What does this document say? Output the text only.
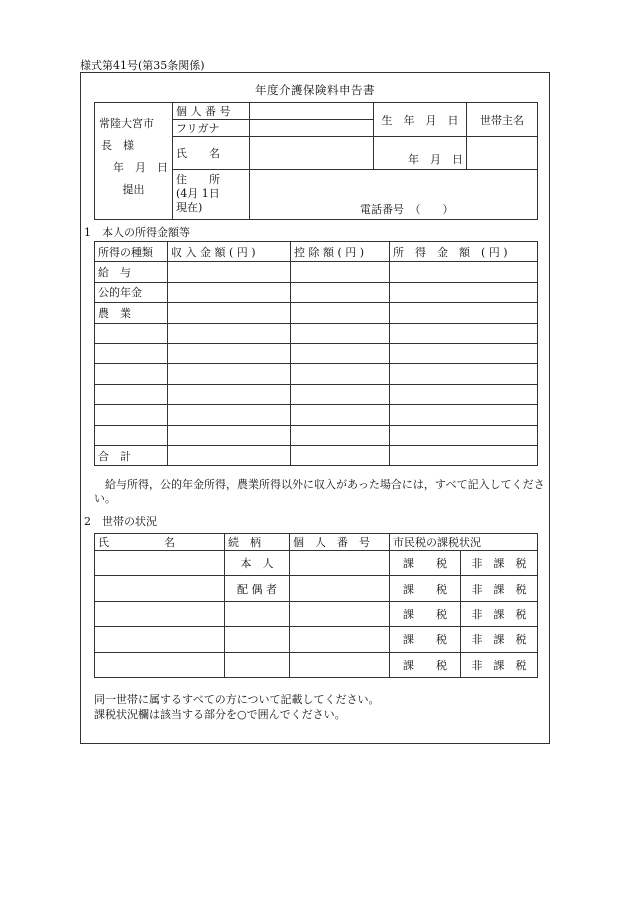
様式第41号(第35条関係)
年度介護保険料申告書
常陸大宮市
長　様
年　月　日
提出	個 人 番 号		生　年　月　日	世帯主名
	フリガナ			
	氏　　名		年　月　日	

	住　　所
(4月 1日
現在)	電話番号　（　　）		

1　本人の所得金額等
所得の種類	収 入 金 額 ( 円 )	控 除 額 ( 円 )	所　得　金　額　( 円 )
給　与			
公的年金			
農　業			

合　計			
給与所得，公的年金所得，農業所得以外に収入があった場合には，すべて記入してください。
2　世帯の状況
氏　　　　　名	続　柄	個　人　番　号	市民税の課税状況	
	本　人		課　　税	非　課　税
	配 偶 者		課　　税	非　課　税
			課　　税	非　課　税
			課　　税	非　課　税
			課　　税	非　課　税
同一世帯に属するすべての方について記載してください。
課税状況欄は該当する部分を○で囲んでください。
